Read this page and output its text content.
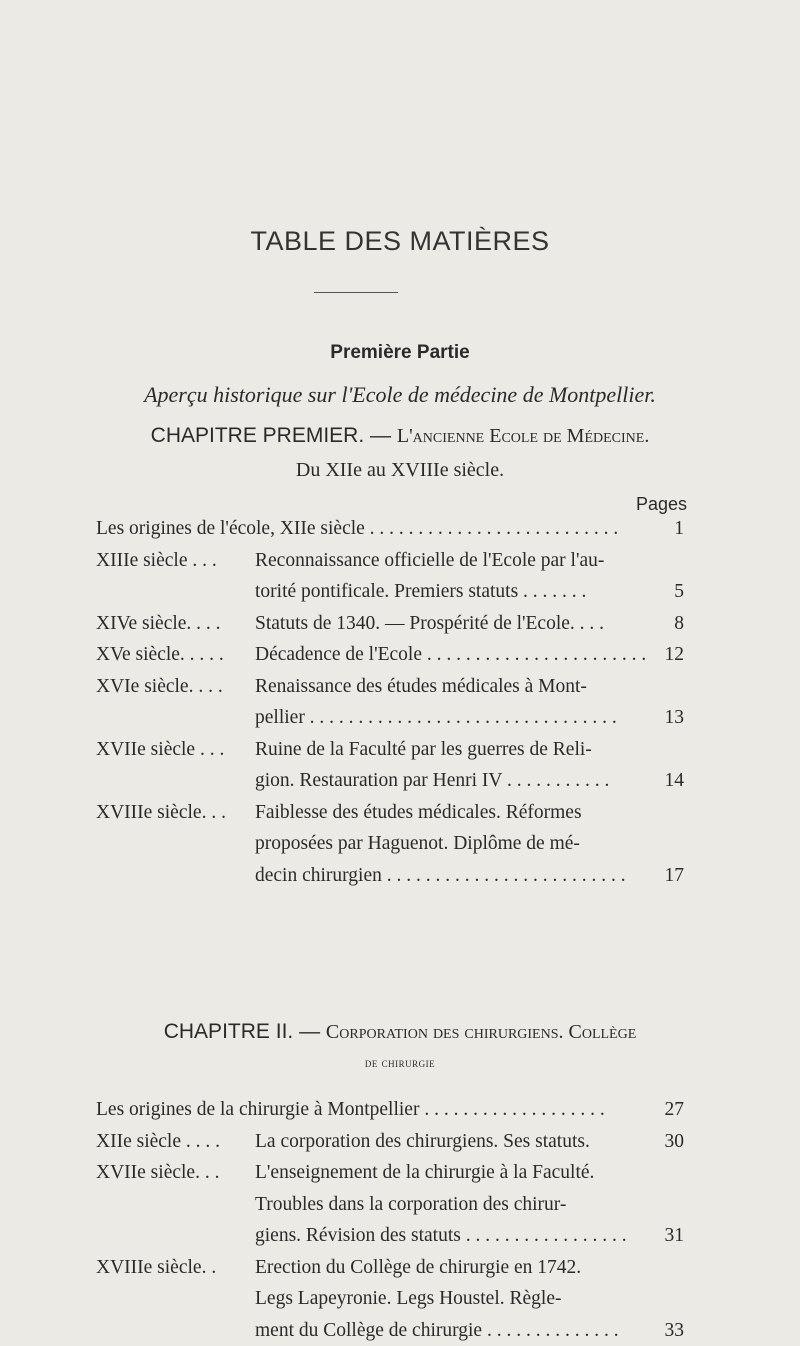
TABLE DES MATIÈRES
Première Partie
Aperçu historique sur l'Ecole de médecine de Montpellier.
CHAPITRE PREMIER. — L'ancienne Ecole de Médecine.
Du XIIe au XVIIIe siècle.
Pages
Les origines de l'école, XIIe siècle . . . . . . . . . . . . . . . . . . . . . . . . . .	1
XIIIe siècle . . . Reconnaissance officielle de l'Ecole par l'au-
torité pontificale. Premiers statuts . . . . . . .	5
XIVe siècle. . . . Statuts de 1340. — Prospérité de l'Ecole. . . .	8
XVe siècle. . . . . Décadence de l'Ecole . . . . . . . . . . . . . . . . . . . . . . . 12
XVIe siècle. . . . Renaissance des études médicales à Mont-
pellier . . . . . . . . . . . . . . . . . . . . . . . . . . . . . . . .	13
XVIIe siècle . . . Ruine de la Faculté par les guerres de Reli-
gion. Restauration par Henri IV . . . . . . . . . . .	14
XVIIIe siècle. . . Faiblesse des études médicales. Réformes
proposées par Haguenot. Diplôme de mé-
decin chirurgien . . . . . . . . . . . . . . . . . . . . . . . . .	17
CHAPITRE II. — Corporation des chirurgiens. Collège
de chirurgie
Les origines de la chirurgie à Montpellier . . . . . . . . . . . . . . . . . . .	27
XIIe siècle . . . . La corporation des chirurgiens. Ses statuts.	30
XVIIe siècle. . . L'enseignement de la chirurgie à la Faculté.
Troubles dans la corporation des chirur-
giens. Révision des statuts . . . . . . . . . . . . . . . . .	31
XVIIIe siècle. . Erection du Collège de chirurgie en 1742.
Legs Lapeyronie. Legs Houstel. Règle-
ment du Collège de chirurgie . . . . . . . . . . . . . .	33
